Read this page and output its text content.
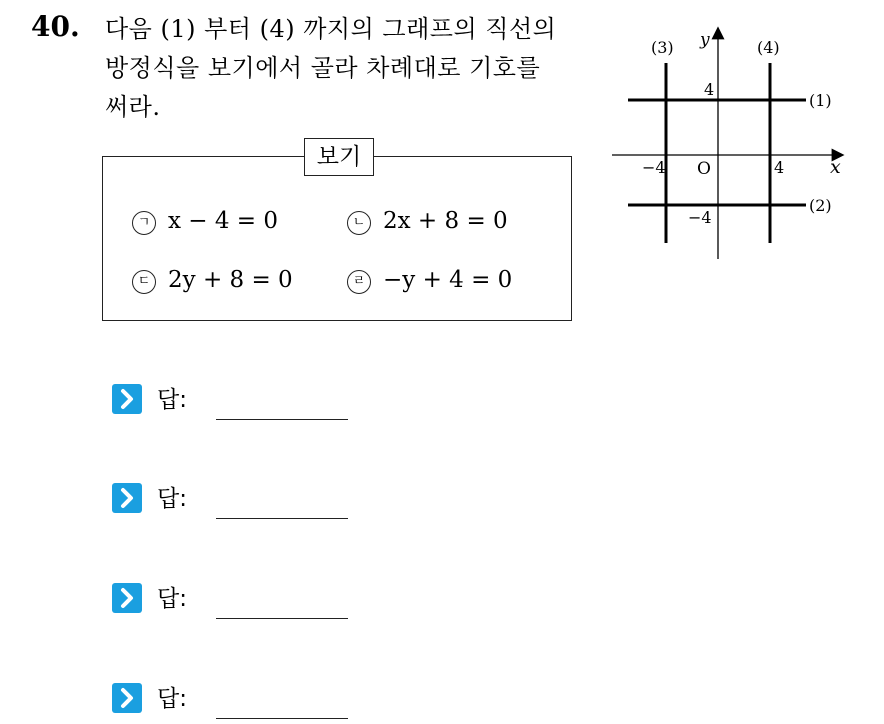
40. 다음 (1) 부터 (4) 까지의 그래프의 직선의
방정식을 보기에서 골라 차례대로 기호를
써라.
보기
ㄱ x − 4 = 0	ㄴ 2x + 8 = 0
ㄷ 2y + 8 = 0	ㄹ −y + 4 = 0
y
x
O
4
−4
−4	4
(3)	(4)
(1)
(2)
답:
답:
답:
답:
